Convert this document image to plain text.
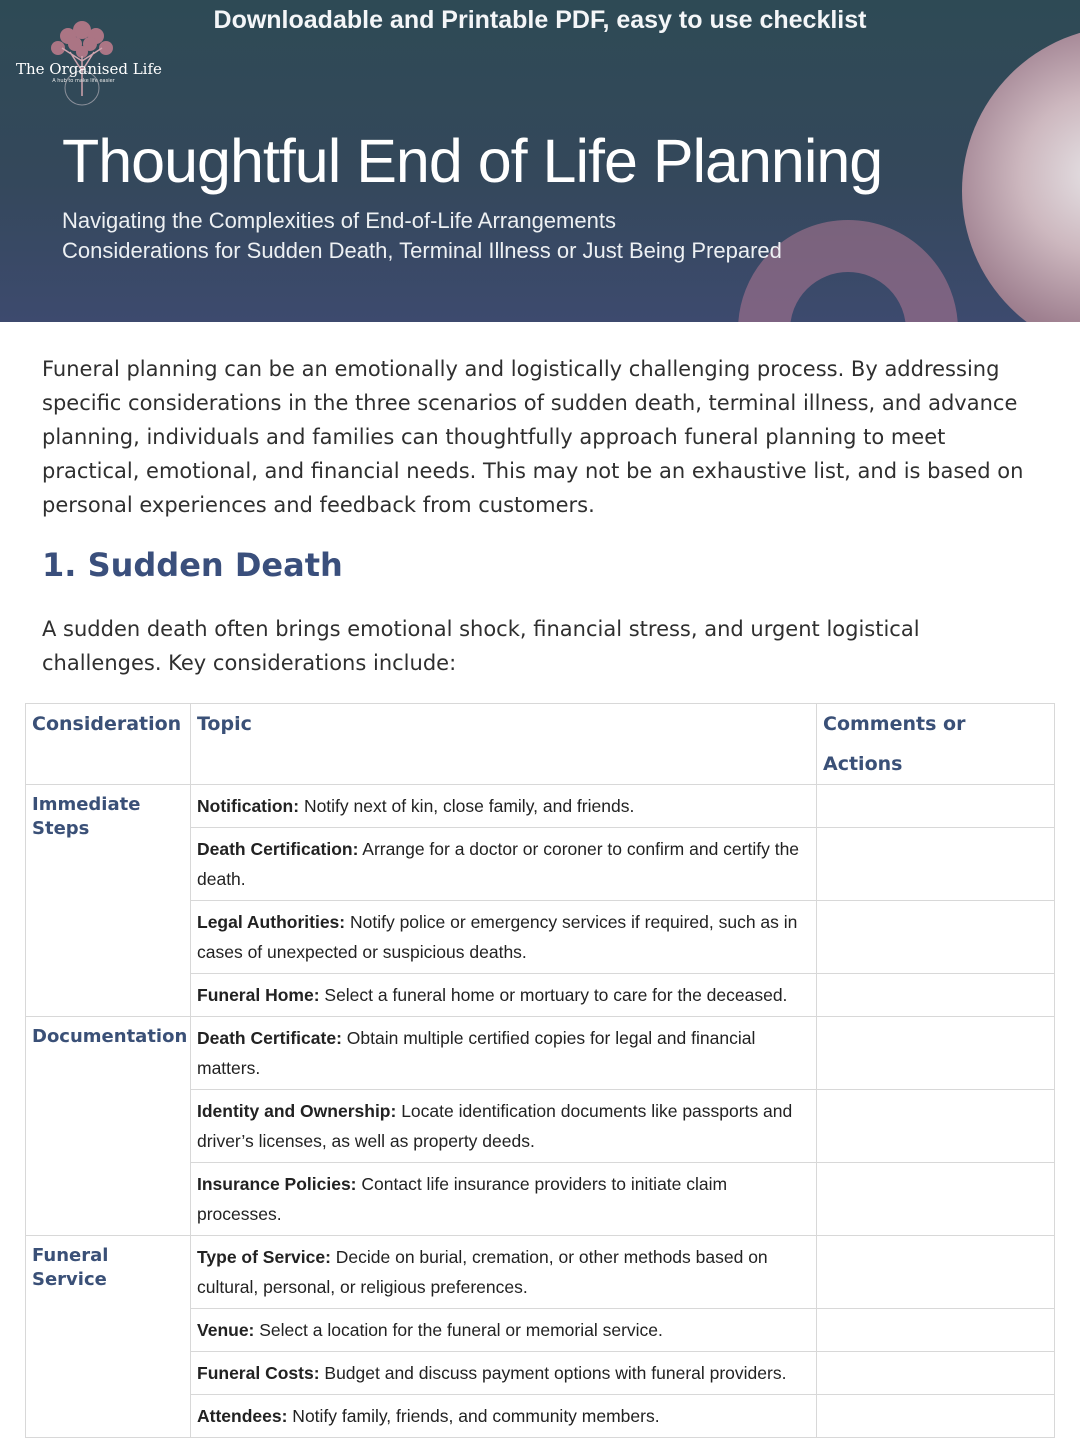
Downloadable and Printable PDF, easy to use checklist
The Organised Life
A hub to make life easier
Thoughtful End of Life Planning
Navigating the Complexities of End-of-Life Arrangements
Considerations for Sudden Death, Terminal Illness or Just Being Prepared
Funeral planning can be an emotionally and logistically challenging process. By addressing
specific considerations in the three scenarios of sudden death, terminal illness, and advance
planning, individuals and families can thoughtfully approach funeral planning to meet
practical, emotional, and financial needs. This may not be an exhaustive list, and is based on
personal experiences and feedback from customers.
1. Sudden Death
A sudden death often brings emotional shock, financial stress, and urgent logistical
challenges. Key considerations include:
Consideration	Topic	Comments or Actions
Immediate Steps	Notification: Notify next of kin, close family, and friends.	
	Death Certification: Arrange for a doctor or coroner to confirm and certify the death.	
	Legal Authorities: Notify police or emergency services if required, such as in cases of unexpected or suspicious deaths.	
	Funeral Home: Select a funeral home or mortuary to care for the deceased.	
Documentation	Death Certificate: Obtain multiple certified copies for legal and financial matters.	
	Identity and Ownership: Locate identification documents like passports and driver’s licenses, as well as property deeds.	
	Insurance Policies: Contact life insurance providers to initiate claim processes.	
Funeral Service	Type of Service: Decide on burial, cremation, or other methods based on cultural, personal, or religious preferences.	
	Venue: Select a location for the funeral or memorial service.	
	Funeral Costs: Budget and discuss payment options with funeral providers.	
	Attendees: Notify family, friends, and community members.	
